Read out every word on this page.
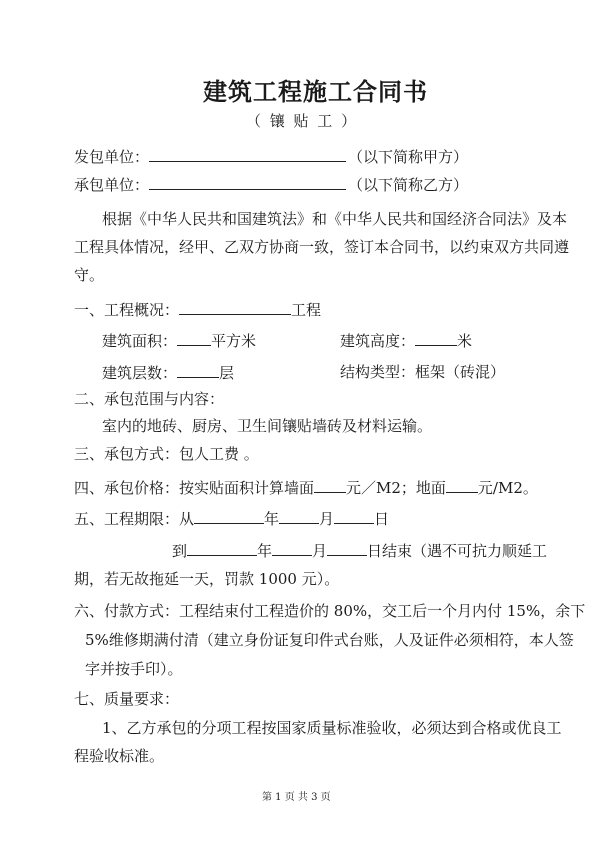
建筑工程施工合同书
（ 镶 贴 工 ）
发包单位：	（以下简称甲方）
承包单位：	（以下简称乙方）
根据《中华人民共和国建筑法》和《中华人民共和国经济合同法》及本
工程具体情况，经甲、乙双方协商一致，签订本合同书，以约束双方共同遵
守。
一、工程概况：	工程
建筑面积： 平方米	建筑高度：	米
建筑层数：	层	结构类型：框架（砖混）
二、承包范围与内容：
室内的地砖、厨房、卫生间镶贴墙砖及材料运输。
三、承包方式：包人工费 。
四、承包价格：按实贴面积计算墙面 元／M2；地面 元/M2。
五、工程期限：从	年	月	日
到	年	月	日结束（遇不可抗力顺延工
期，若无故拖延一天，罚款 1000 元）。
六、付款方式：工程结束付工程造价的 80%，交工后一个月内付 15%，余下
5%维修期满付清（建立身份证复印件式台账，人及证件必须相符，本人签
字并按手印）。
七、质量要求：
1、乙方承包的分项工程按国家质量标准验收，必须达到合格或优良工
程验收标准。
第 1 页 共 3 页
